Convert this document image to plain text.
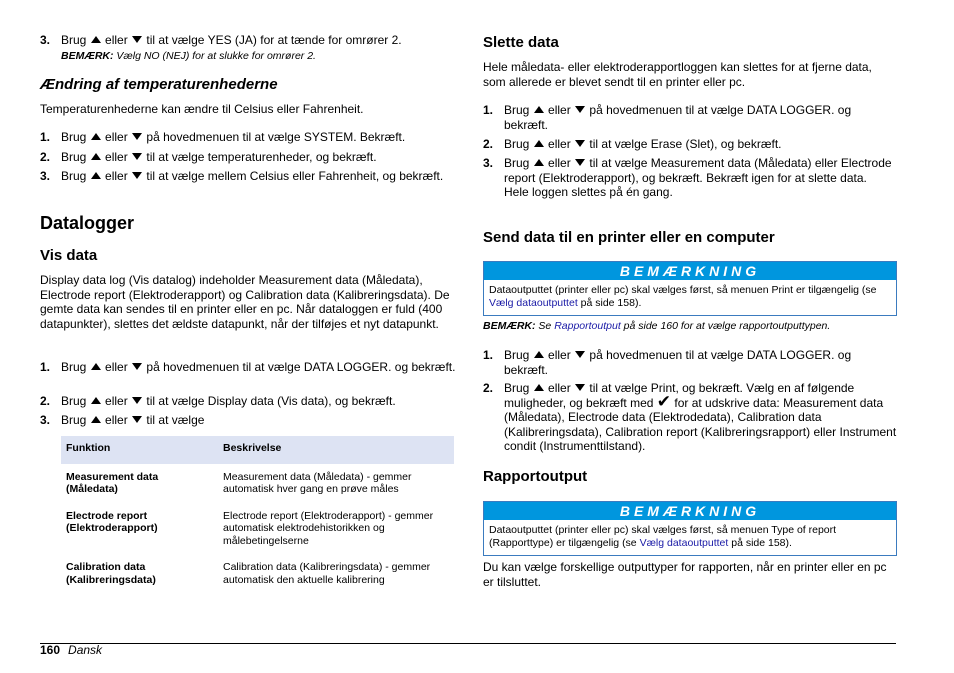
3. Brug eller til at vælge YES (JA) for at tænde for omrører 2.
BEMÆRK: Vælg NO (NEJ) for at slukke for omrører 2.
Ændring af temperaturenhederne

Temperaturenhederne kan ændre til Celsius eller Fahrenheit.

1. Brug eller på hovedmenuen til at vælge SYSTEM. Bekræft.
2. Brug eller til at vælge temperaturenheder, og bekræft.
3. Brug eller til at vælge mellem Celsius eller Fahrenheit, og bekræft.
Datalogger
Vis data

Display data log (Vis datalog) indeholder Measurement data (Måledata), Electrode report (Elektroderapport) og Calibration data (Kalibreringsdata). De gemte data kan sendes til en printer eller en pc. Når dataloggen er fuld (400 datapunkter), slettes det ældste datapunkt, når der tilføjes et nyt datapunkt.

1. Brug eller på hovedmenuen til at vælge DATA LOGGER. og bekræft.
2. Brug eller til at vælge Display data (Vis data), og bekræft.
3. Brug eller til at vælge
Funktion	Beskrivelse
Measurement data (Måledata)	Measurement data (Måledata) - gemmer automatisk hver gang en prøve måles
Electrode report (Elektroderapport)	Electrode report (Elektroderapport) - gemmer automatisk elektrodehistorikken og målebetingelserne
Calibration data (Kalibreringsdata)	Calibration data (Kalibreringsdata) - gemmer automatisk den aktuelle kalibrering
Slette data

Hele måledata- eller elektroderapportloggen kan slettes for at fjerne data, som allerede er blevet sendt til en printer eller pc.

1. Brug eller på hovedmenuen til at vælge DATA LOGGER. og bekræft.
2. Brug eller til at vælge Erase (Slet), og bekræft.
3. Brug eller til at vælge Measurement data (Måledata) eller Electrode report (Elektroderapport), og bekræft. Bekræft igen for at slette data.
Hele loggen slettes på én gang.
Send data til en printer eller en computer
BEMÆRKNING
Dataoutputtet (printer eller pc) skal vælges først, så menuen Print er tilgængelig (se Vælg dataoutputtet på side 158).
BEMÆRK: Se Rapportoutput på side 160 for at vælge rapportoutputtypen.
1. Brug eller på hovedmenuen til at vælge DATA LOGGER. og bekræft.
2. Brug eller til at vælge Print, og bekræft. Vælg en af følgende muligheder, og bekræft med ✔ for at udskrive data: Measurement data (Måledata), Electrode data (Elektrodedata), Calibration data (Kalibreringsdata), Calibration report (Kalibreringsrapport) eller Instrument condit (Instrumenttilstand).
Rapportoutput
BEMÆRKNING
Dataoutputtet (printer eller pc) skal vælges først, så menuen Type of report (Rapporttype) er tilgængelig (se Vælg dataoutputtet på side 158).

Du kan vælge forskellige outputtyper for rapporten, når en printer eller en pc er tilsluttet.

160 Dansk
